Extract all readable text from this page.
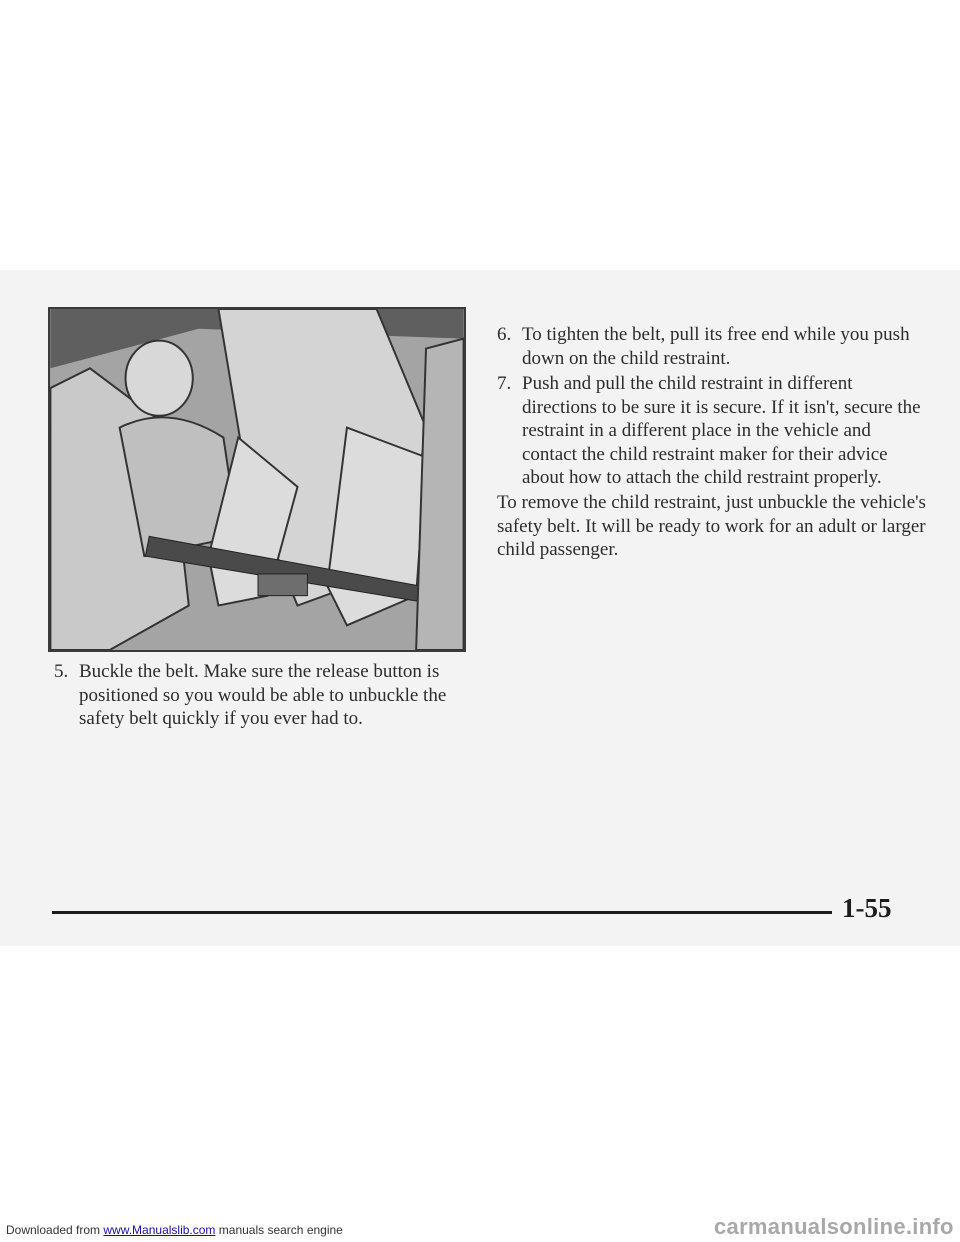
5. Buckle the belt. Make sure the release button is positioned so you would be able to unbuckle the safety belt quickly if you ever had to.
6. To tighten the belt, pull its free end while you push down on the child restraint.
7. Push and pull the child restraint in different directions to be sure it is secure. If it isn't, secure the restraint in a different place in the vehicle and contact the child restraint maker for their advice about how to attach the child restraint properly.
To remove the child restraint, just unbuckle the vehicle's safety belt. It will be ready to work for an adult or larger child passenger.
1-55
Downloaded from www.Manualslib.com manuals search engine	carmanualsonline.info
